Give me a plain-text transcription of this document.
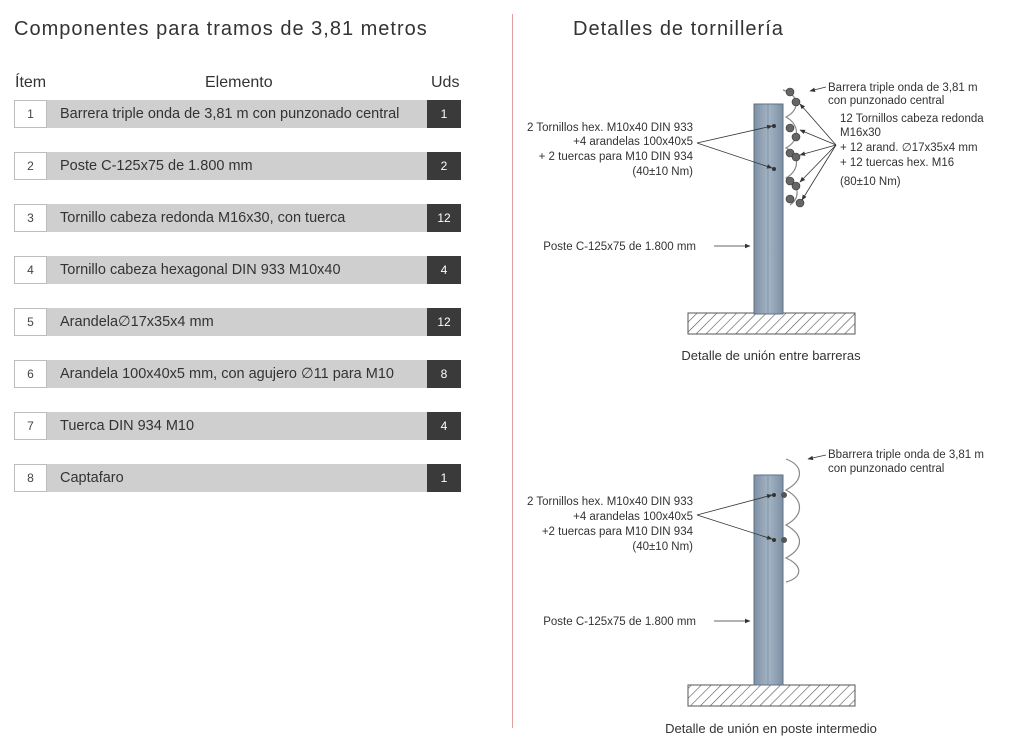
Componentes para tramos de 3,81 metros	Detalles de tornillería
Ítem	Elemento	Uds
1	Barrera triple onda de 3,81 m con punzonado central	1
2	Poste C-125x75 de 1.800 mm	2
3	Tornillo cabeza redonda M16x30, con tuerca	12
4	Tornillo cabeza hexagonal DIN 933 M10x40	4
5	Arandela∅17x35x4 mm	12
6	Arandela 100x40x5 mm, con agujero ∅11 para M10	8
7	Tuerca DIN 934 M10	4
8	Captafaro	1
Barrera triple onda de 3,81 m
con punzonado central
12 Tornillos cabeza redonda
M16x30
+ 12 arand. ∅17x35x4 mm
+ 12 tuercas hex. M16
(80±10 Nm)
2 Tornillos hex. M10x40 DIN 933
+4 arandelas 100x40x5
+ 2 tuercas para M10 DIN 934
(40±10 Nm)
Poste C-125x75 de 1.800 mm
Detalle de unión entre barreras
Bbarrera triple onda de 3,81 m
con punzonado central
2 Tornillos hex. M10x40 DIN 933
+4 arandelas 100x40x5
+2 tuercas para M10 DIN 934
(40±10 Nm)
Poste C-125x75 de 1.800 mm
Detalle de unión en poste intermedio
